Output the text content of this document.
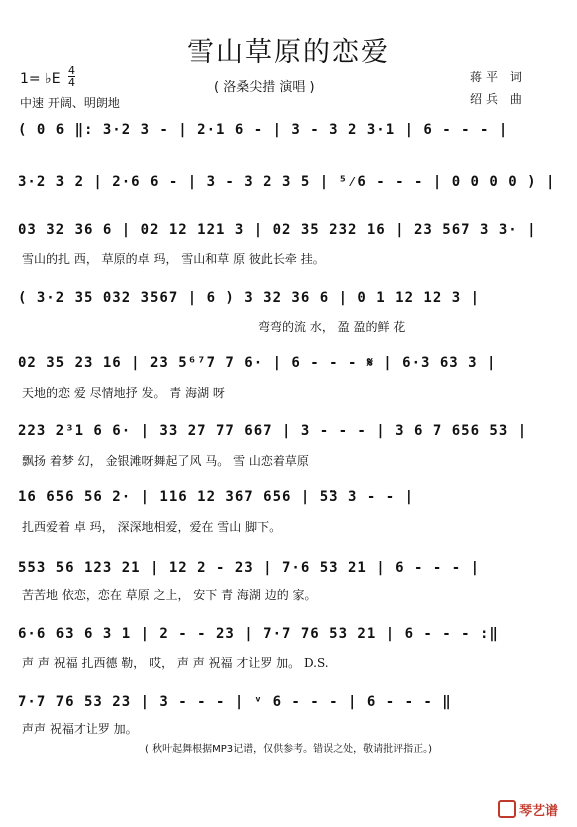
雪山草原的恋爱
1= ♭E
4
4
中速 开阔、明朗地
( 洛桑尖措 演唱 )
蒋平 词
绍兵 曲
( 0 6 ‖: 3·2 3 - | 2·1 6 - | 3 - 3 2 3·1 | 6 - - - |
3·2 3 2 | 2·6 6 - | 3 - 3 2 3 5 | ⁵⁄6 - - - | 0 0 0 0 ) |
03 32 36 6 | 02 12 121 3 | 02 35 232 16 | 23 567 3 3· |
雪山的扎 西， 草原的卓 玛， 雪山和草 原 彼此长牵 挂。
( 3·2 35 032 3567 | 6 ) 3 32 36 6 | 0 1 12 12 3 |
弯弯的流 水， 盈 盈的鲜 花
02 35 23 16 | 23 5⁶⁷7 7 6· | 6 - - - 𝄋 | 6·3 63 3 |
天地的恋 爱 尽情地抒 发。 青 海湖 呀
223 2³1 6 6· | 33 27 77 667 | 3 - - - | 3 6 7 656 53 |
飘扬 着梦 幻， 金银滩呀舞起了风 马。 雪 山恋着草原
16 656 56 2· | 116 12 367 656 | 5̃3 3 - - |
扎西爱着 卓 玛， 深深地相爱，爱在 雪山 脚下。
553 56 123 21 | 12 2 - 23 | 7·6 53 21 | 6 - - - |
苦苦地 依恋，恋在 草原 之上， 安下 青 海湖 边的 家。
6·6 63 6 3 1 | 2 - - 23 | 7·7 76 53 21 | 6 - - - :‖
声 声 祝福 扎西德 勒， 哎， 声 声 祝福 才让罗 加。 D.S.
7·7 76 53 23 | 3 - - - | ᵛ 6 - - - | 6 - - - ‖
声声 祝福才让罗 加。
( 秋叶起舞根据MP3记谱，仅供参考。错误之处，敬请批评指正。)
琴艺谱
